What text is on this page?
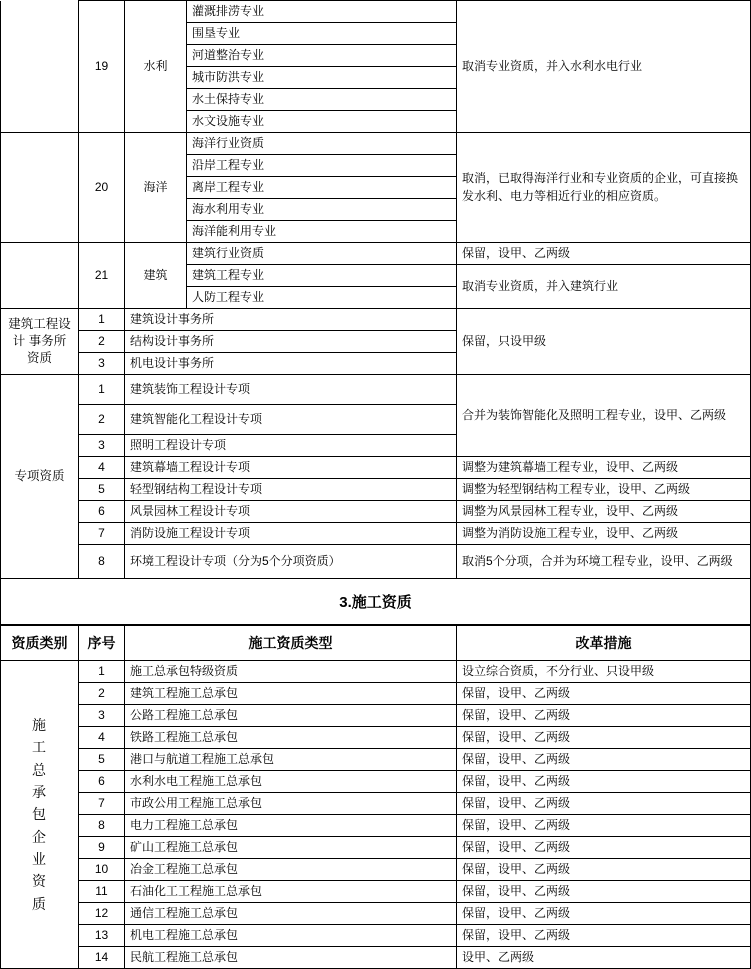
	19	水利	灌溉排涝专业	取消专业资质，并入水利水电行业
			围垦专业	
			河道整治专业	
			城市防洪专业	
			水土保持专业	
			水文设施专业	
	20	海洋	海洋行业资质	取消，已取得海洋行业和专业资质的企业，可直接换发水利、电力等相近行业的相应资质。
			沿岸工程专业	
			离岸工程专业	
			海水利用专业	
			海洋能利用专业	
	21	建筑	建筑行业资质	保留，设甲、乙两级
			建筑工程专业	取消专业资质，并入建筑行业
			人防工程专业	
建筑工程设计 事务所资质	1	建筑设计事务所		保留，只设甲级
	2	结构设计事务所		
	3	机电设计事务所		
专项资质	1	建筑装饰工程设计专项		合并为装饰智能化及照明工程专业，设甲、乙两级
	2	建筑智能化工程设计专项		
	3	照明工程设计专项		
	4	建筑幕墙工程设计专项		调整为建筑幕墙工程专业，设甲、乙两级
	5	轻型钢结构工程设计专项		调整为轻型钢结构工程专业，设甲、乙两级
	6	风景园林工程设计专项		调整为风景园林工程专业，设甲、乙两级
	7	消防设施工程设计专项		调整为消防设施工程专业，设甲、乙两级
	8	环境工程设计专项（分为5个分项资质）		取消5个分项，合并为环境工程专业，设甲、乙两级
3.施工资质				
资质类别	序号	施工资质类型	改革措施

施
工
总
承
包
企
业
资
质
	1	施工总承包特级资质	设立综合资质，不分行业、只设甲级
	2	建筑工程施工总承包	保留，设甲、乙两级
	3	公路工程施工总承包	保留，设甲、乙两级
	4	铁路工程施工总承包	保留，设甲、乙两级
	5	港口与航道工程施工总承包	保留，设甲、乙两级
	6	水利水电工程施工总承包	保留，设甲、乙两级
	7	市政公用工程施工总承包	保留，设甲、乙两级
	8	电力工程施工总承包	保留，设甲、乙两级
	9	矿山工程施工总承包	保留，设甲、乙两级
	10	冶金工程施工总承包	保留，设甲、乙两级
	11	石油化工工程施工总承包	保留，设甲、乙两级
	12	通信工程施工总承包	保留，设甲、乙两级
	13	机电工程施工总承包	保留，设甲、乙两级
	14	民航工程施工总承包	设甲、乙两级
